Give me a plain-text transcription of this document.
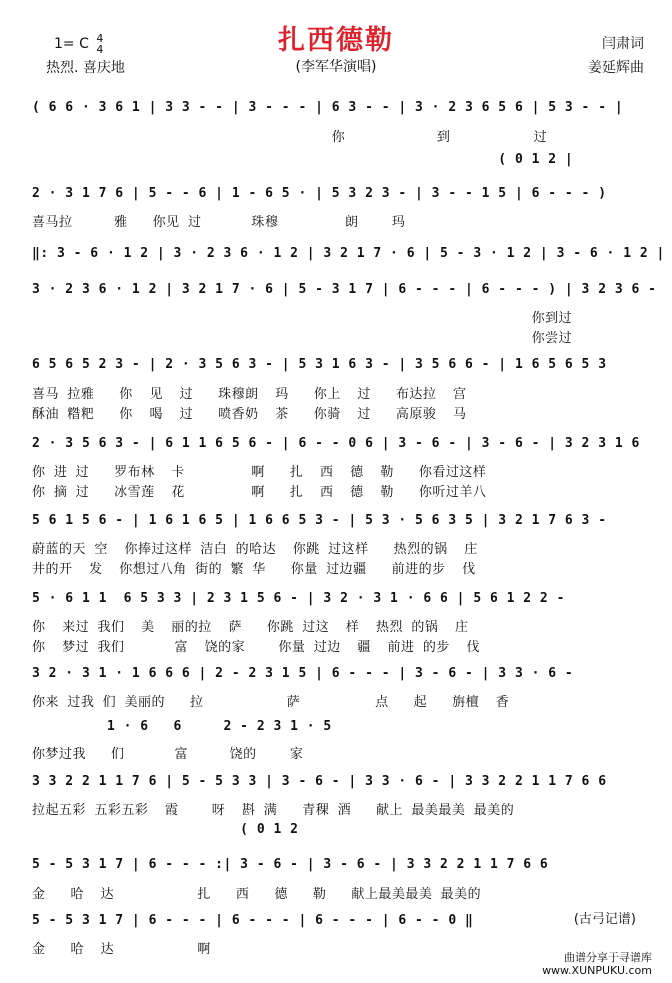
扎西德勒
1= C 4
4
热烈. 喜庆地	(李军华演唱)
闫肃词
姜延辉曲
( 6 6 · 3 6 1 | 3 3 - - | 3 - - - | 6 3 - - | 3 · 2 3 6 5 6 | 5 3 - - |
你           到          过
( 0 1 2 |
2 · 3 1 7 6 | 5 - - 6 | 1 - 6 5 · | 5 3 2 3 - | 3 - - 1 5 | 6 - - - )
喜马拉     雅   你见 过      珠穆        朗    玛
‖: 3 - 6 · 1 2 | 3 · 2 3 6 · 1 2 | 3 2 1 7 · 6 | 5 - 3 · 1 2 | 3 - 6 · 1 2 |
3 · 2 3 6 · 1 2 | 3 2 1 7 · 6 | 5 - 3 1 7 | 6 - - - | 6 - - - ) | 3 2 3 6 -
你到过
你尝过
6 5 6 5 2 3 - | 2 · 3 5 6 3 - | 5 3 1 6 3 - | 3 5 6 6 - | 1 6 5 6 5 3
喜马 拉雅   你  见  过   珠穆朗  玛   你上  过   布达拉  宫
酥油 糌粑   你  喝  过   喷香奶  茶   你骑  过   高原骏  马
2 · 3 5 6 3 - | 6 1 1 6 5 6 - | 6 - - 0 6 | 3 - 6 - | 3 - 6 - | 3 2 3 1 6
你 进 过   罗布林  卡        啊   扎  西  德  勒   你看过这样
你 摘 过   冰雪莲  花        啊   扎  西  德  勒   你听过羊八
5 6 1 5 6 - | 1 6 1 6 5 | 1 6 6 5 3 - | 5 3 · 5 6 3 5 | 3 2 1 7 6 3 -
蔚蓝的天 空  你捧过这样 洁白 的哈达  你跳 过这样   热烈的锅  庄
井的开  发  你想过八角 街的 繁 华   你量 过边疆   前进的步  伐
5 · 6 1 1  6 5 3 3 | 2 3 1 5 6 - | 3 2 · 3 1 · 6 6 | 5 6 1 2 2 -
你  来过 我们  美  丽的拉  萨   你跳 过这  样  热烈 的锅  庄
你  梦过 我们      富  饶的家    你量 过边  疆  前进 的步  伐
3 2 · 3 1 · 1 6 6 6 | 2 - 2 3 1 5 | 6 - - - | 3 - 6 - | 3 3 · 6 -
你来 过我 们 美丽的   拉          萨         点   起   旃檀  香
1 · 6   6     2 - 2 3 1 · 5
你梦过我   们      富     饶的    家
3 3 2 2 1 1 7 6 | 5 - 5 3 3 | 3 - 6 - | 3 3 · 6 - | 3 3 2 2 1 1 7 6 6
拉起五彩 五彩五彩  霞    呀  斟 满   青稞 酒   献上 最美最美 最美的
( 0 1 2
5 - 5 3 1 7 | 6 - - - :| 3 - 6 - | 3 - 6 - | 3 3 2 2 1 1 7 6 6
金   哈  达          扎   西   德   勒   献上最美最美 最美的
5 - 5 3 1 7 | 6 - - - | 6 - - - | 6 - - - | 6 - - 0 ‖
金   哈  达          啊
(古弓记谱)
曲谱分享于寻谱库
www.XUNPUKU.com
